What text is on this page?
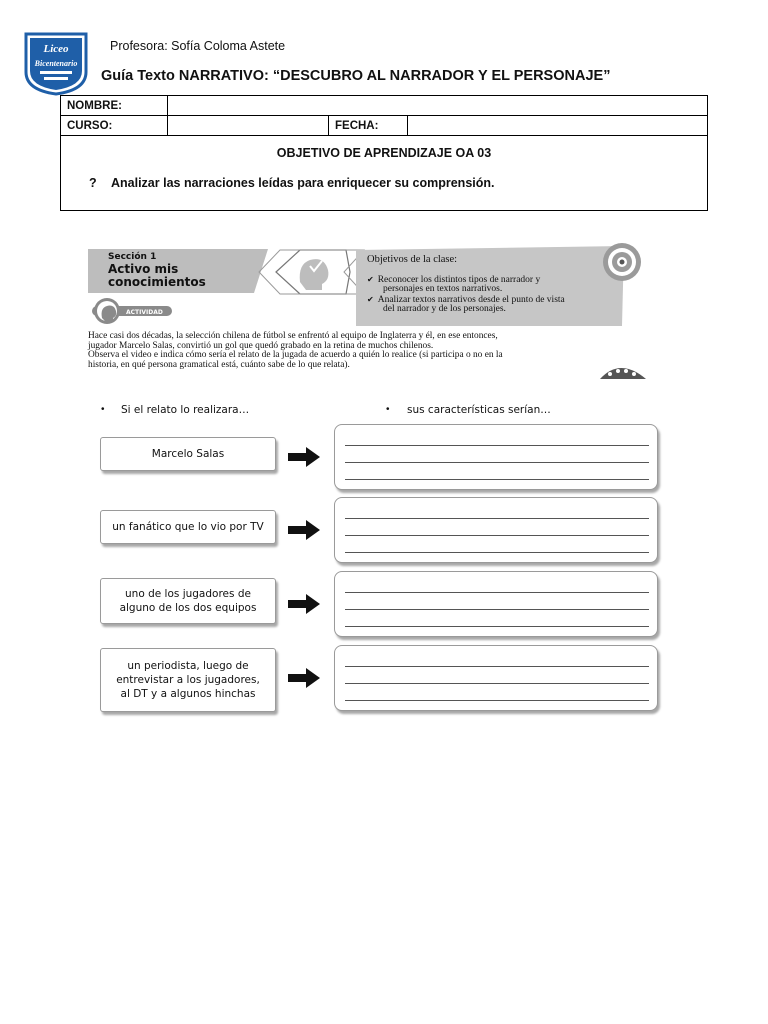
Liceo
Bicentenario
Profesora: Sofía Coloma Astete
Guía Texto NARRATIVO: “DESCUBRO AL NARRADOR Y EL PERSONAJE”
NOMBRE:			
CURSO:		FECHA:	
OBJETIVO DE APRENDIZAJE OA 03
? Analizar las narraciones leídas para enriquecer su comprensión.
Sección 1
Activo mis
conocimientos
Objetivos de la clase:
✔ Reconocer los distintos tipos de narrador y
personajes en textos narrativos.
✔ Analizar textos narrativos desde el punto de vista
del narrador y de los personajes.
ACTIVIDAD
Hace casi dos décadas, la selección chilena de fútbol se enfrentó al equipo de Inglaterra y él, en ese entonces,
jugador Marcelo Salas, convirtió un gol que quedó grabado en la retina de muchos chilenos.
Observa el video e indica cómo sería el relato de la jugada de acuerdo a quién lo realice (si participa o no en la
historia, en qué persona gramatical está, cuánto sabe de lo que relata).
• Si el relato lo realizara…	• sus características serían…
Marcelo Salas
un fanático que lo vio por TV
uno de los jugadores de
alguno de los dos equipos
un periodista, luego de
entrevistar a los jugadores,
al DT y a algunos hinchas
